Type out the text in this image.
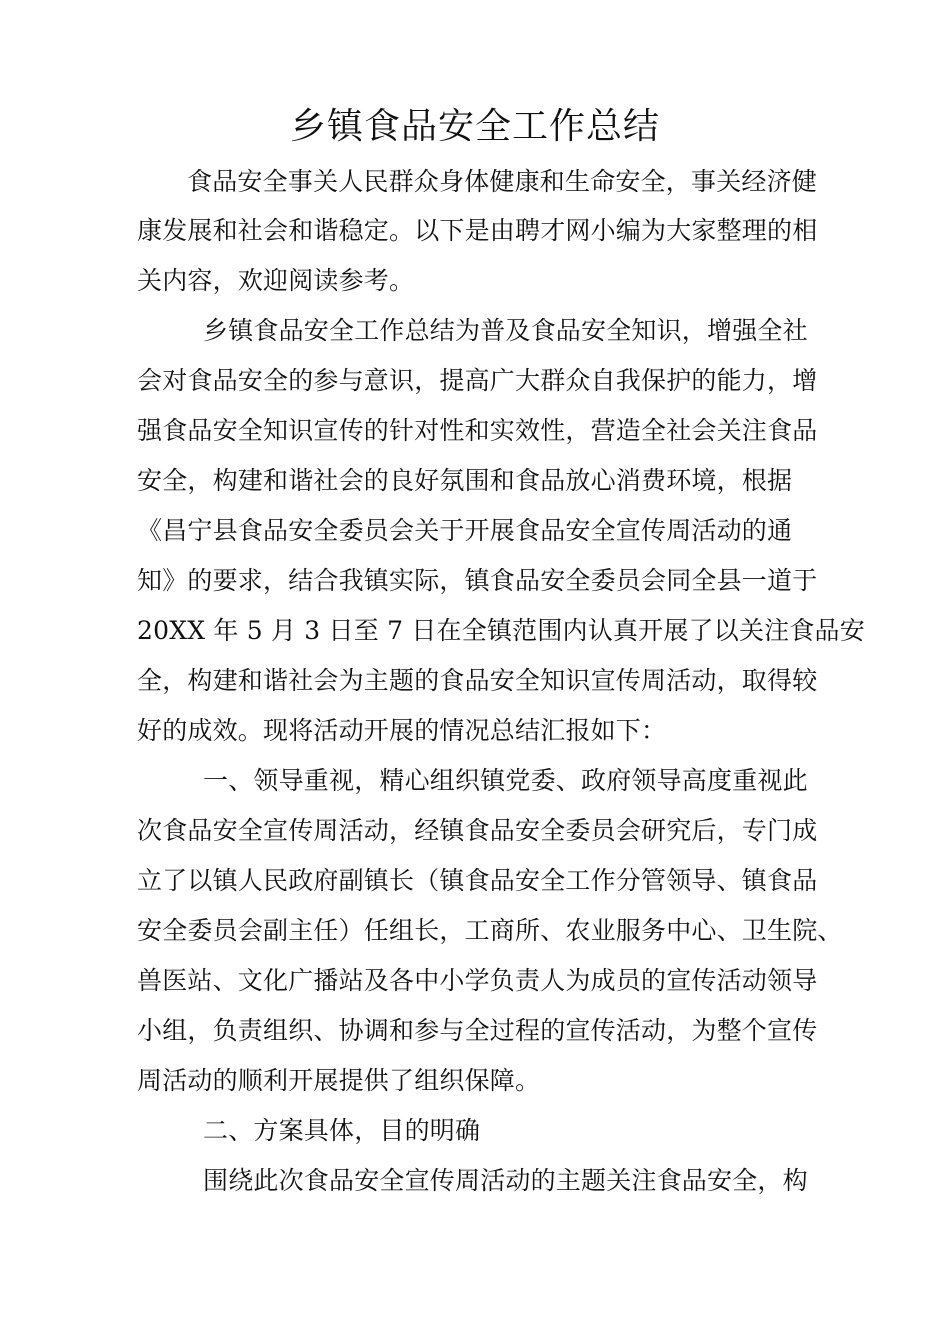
乡镇食品安全工作总结
食品安全事关人民群众身体健康和生命安全，事关经济健
康发展和社会和谐稳定。以下是由聘才网小编为大家整理的相
关内容，欢迎阅读参考。
乡镇食品安全工作总结为普及食品安全知识，增强全社
会对食品安全的参与意识，提高广大群众自我保护的能力，增
强食品安全知识宣传的针对性和实效性，营造全社会关注食品
安全，构建和谐社会的良好氛围和食品放心消费环境，根据
《昌宁县食品安全委员会关于开展食品安全宣传周活动的通
知》的要求，结合我镇实际，镇食品安全委员会同全县一道于
20XX 年 5 月 3 日至 7 日在全镇范围内认真开展了以关注食品安
全，构建和谐社会为主题的食品安全知识宣传周活动，取得较
好的成效。现将活动开展的情况总结汇报如下：
一、领导重视，精心组织镇党委、政府领导高度重视此
次食品安全宣传周活动，经镇食品安全委员会研究后，专门成
立了以镇人民政府副镇长（镇食品安全工作分管领导、镇食品
安全委员会副主任）任组长，工商所、农业服务中心、卫生院、
兽医站、文化广播站及各中小学负责人为成员的宣传活动领导
小组，负责组织、协调和参与全过程的宣传活动，为整个宣传
周活动的顺利开展提供了组织保障。
二、方案具体，目的明确
围绕此次食品安全宣传周活动的主题关注食品安全，构
